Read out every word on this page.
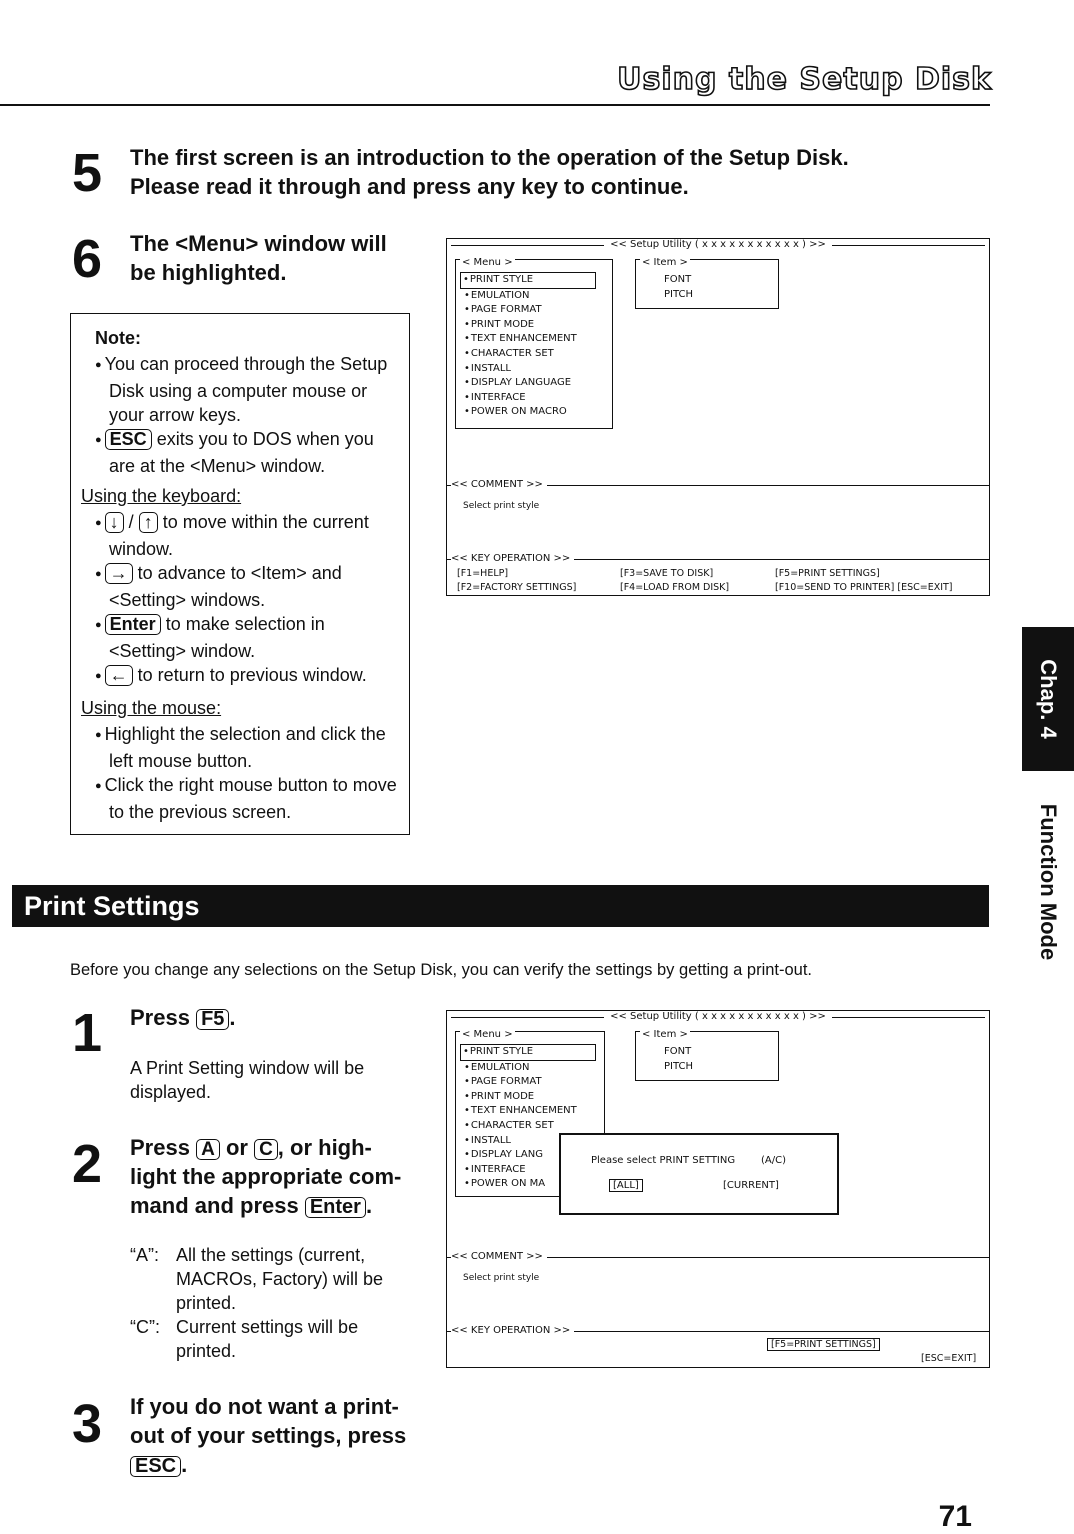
Using the Setup Disk
5 The first screen is an introduction to the operation of the Setup Disk.
Please read it through and press any key to continue.
6 The <Menu> window will
be highlighted.
Note:
● You can proceed through the Setup Disk using a computer mouse or your arrow keys.
● ESC exits you to DOS when you are at the <Menu> window.
Using the keyboard:
● ↓ / ↑ to move within the current window.
● → to advance to <Item> and <Setting> windows.
● Enter to make selection in <Setting> window.
● ← to return to previous window.
Using the mouse:
● Highlight the selection and click the left mouse button.
● Click the right mouse button to move to the previous screen.
<< Setup Utility ( x x x x x x x x x x x ) >>
< Menu >
• PRINT STYLE
• EMULATION
• PAGE FORMAT
• PRINT MODE
• TEXT ENHANCEMENT
• CHARACTER SET
• INSTALL
• DISPLAY LANGUAGE
• INTERFACE
• POWER ON MACRO
< Item >
FONT
PITCH
<< COMMENT >>
Select print style
<< KEY OPERATION >>
[F1=HELP]	[F3=SAVE TO DISK]	[F5=PRINT SETTINGS]
[F2=FACTORY SETTINGS]	[F4=LOAD FROM DISK]	[F10=SEND TO PRINTER] [ESC=EXIT]
Print Settings
Before you change any selections on the Setup Disk, you can verify the settings by getting a print-out.
1 Press F5 .
A Print Setting window will be displayed.
2 Press A or C , or high-
light the appropriate com-
mand and press Enter .
“A”: All the settings (current, MACROs, Factory) will be printed.
“C”: Current settings will be printed.
3 If you do not want a print-
out of your settings, press
ESC .
<< Setup Utility ( x x x x x x x x x x x ) >>
< Menu >
• PRINT STYLE
• EMULATION
• PAGE FORMAT
• PRINT MODE
• TEXT ENHANCEMENT
• CHARACTER SET
• INSTALL
• DISPLAY LANG
• INTERFACE
• POWER ON MA
< Item >
FONT
PITCH
Please select PRINT SETTING	(A/C)
[ALL]	[CURRENT]
<< COMMENT >>
Select print style
<< KEY OPERATION >>
[F5=PRINT SETTINGS]
[ESC=EXIT]
Chap. 4
Function Mode
71
